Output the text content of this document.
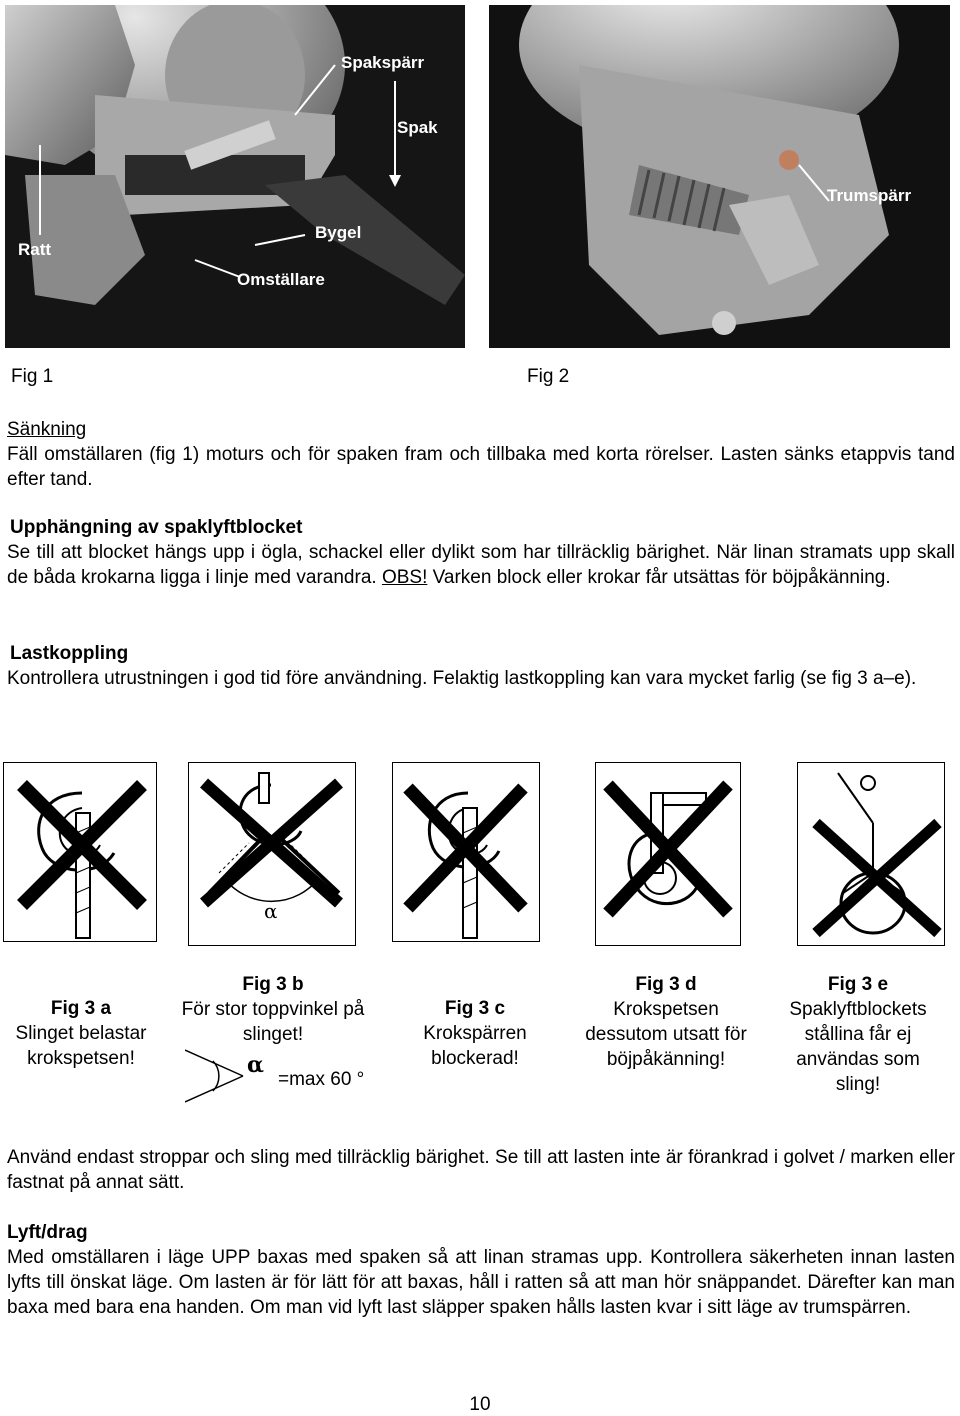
Spakspärr
Spak
Ratt
Bygel
Omställare
Trumspärr
Fig 1	Fig 2
Sänkning
Fäll omställaren (fig 1) moturs och för spaken fram och tillbaka med korta rörelser. Lasten sänks etappvis tand efter tand.
Upphängning av spaklyftblocket
Se till att blocket hängs upp i ögla, schackel eller dylikt som har tillräcklig bärighet. När linan stramats upp skall de båda krokarna ligga i linje med varandra. OBS! Varken block eller krokar får utsättas för böjpåkänning.
Lastkoppling
Kontrollera utrustningen i god tid före användning. Felaktig lastkoppling kan vara mycket farlig (se fig 3 a–e).
α
Fig 3 a
Slinget belastar krokspetsen!
Fig 3 b
För stor toppvinkel på slinget!
α
=max 60 °
Fig 3 c
Krokspärren blockerad!
Fig 3 d
Krokspetsen dessutom utsatt för böjpåkänning!
Fig 3 e
Spaklyftblockets stållina får ej användas som sling!
Använd endast stroppar och sling med tillräcklig bärighet. Se till att lasten inte är förankrad i golvet / marken eller fastnat på annat sätt.
Lyft/drag
Med omställaren i läge UPP baxas med spaken så att linan stramas upp. Kontrollera säkerheten innan lasten lyfts till önskat läge. Om lasten är för lätt för att baxas, håll i ratten så att man hör snäppandet. Därefter kan man baxa med bara ena handen. Om man vid lyft last släpper spaken hålls lasten kvar i sitt läge av trumspärren.
10
